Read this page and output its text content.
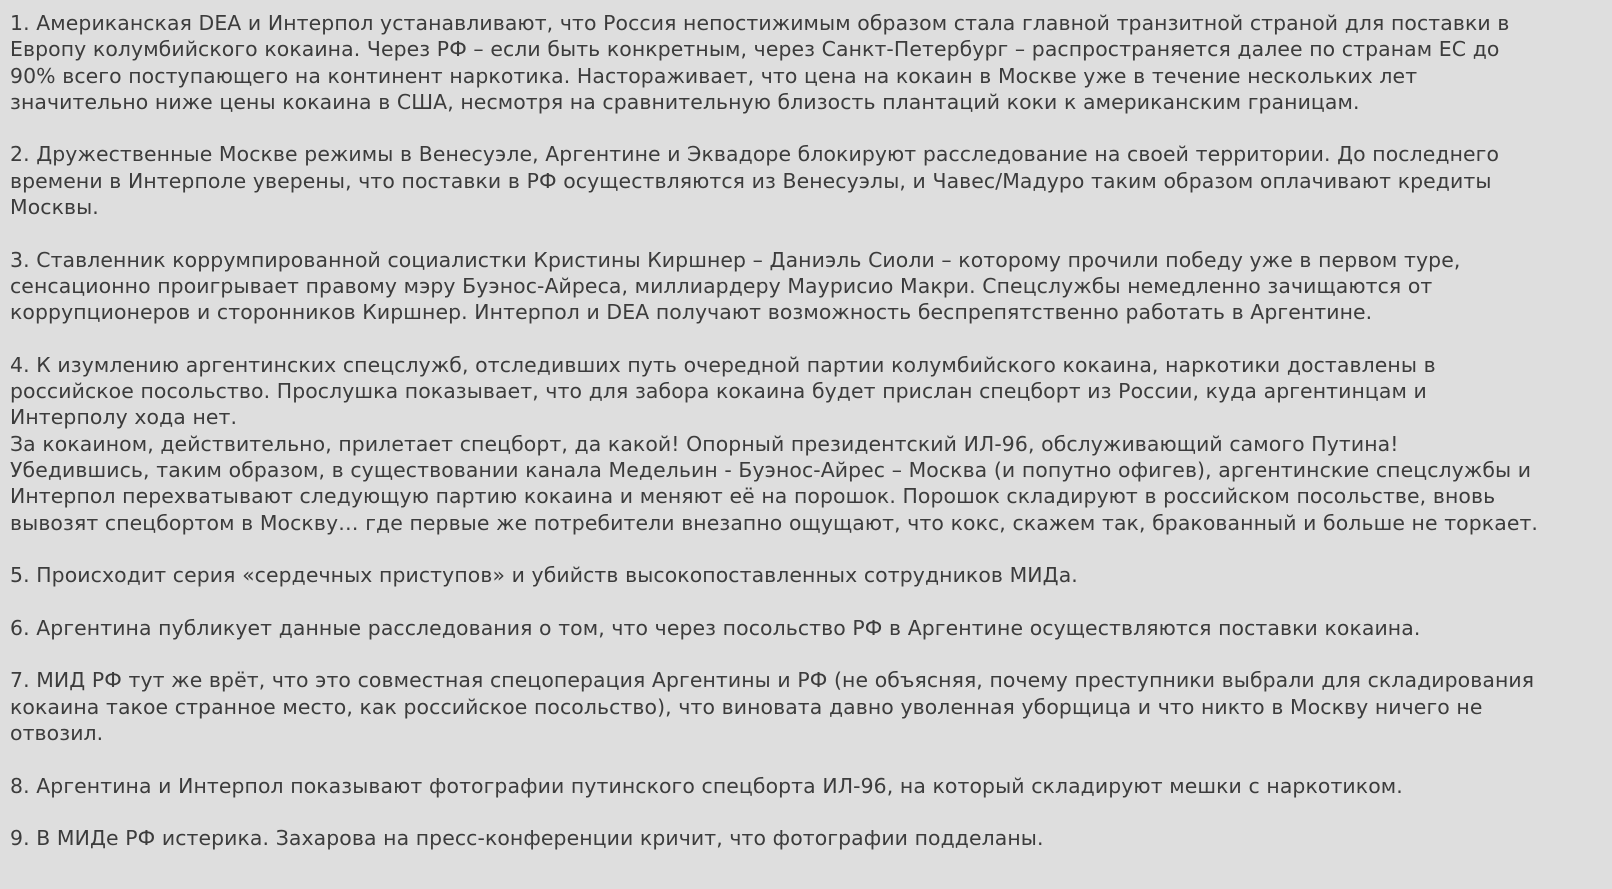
1. Американская DEA и Интерпол устанавливают, что Россия непостижимым образом стала главной транзитной страной для поставки в
Европу колумбийского кокаина. Через РФ – если быть конкретным, через Санкт-Петербург – распространяется далее по странам ЕС до
90% всего поступающего на континент наркотика. Настораживает, что цена на кокаин в Москве уже в течение нескольких лет
значительно ниже цены кокаина в США, несмотря на сравнительную близость плантаций коки к американским границам.

2. Дружественные Москве режимы в Венесуэле, Аргентине и Эквадоре блокируют расследование на своей территории. До последнего
времени в Интерполе уверены, что поставки в РФ осуществляются из Венесуэлы, и Чавес/Мадуро таким образом оплачивают кредиты
Москвы.

3. Ставленник коррумпированной социалистки Кристины Киршнер – Даниэль Сиоли – которому прочили победу уже в первом туре,
сенсационно проигрывает правому мэру Буэнос-Айреса, миллиардеру Маурисио Макри. Спецслужбы немедленно зачищаются от
коррупционеров и сторонников Киршнер. Интерпол и DEA получают возможность беспрепятственно работать в Аргентине.

4. К изумлению аргентинских спецслужб, отследивших путь очередной партии колумбийского кокаина, наркотики доставлены в
российское посольство. Прослушка показывает, что для забора кокаина будет прислан спецборт из России, куда аргентинцам и
Интерполу хода нет.
За кокаином, действительно, прилетает спецборт, да какой! Опорный президентский ИЛ-96, обслуживающий самого Путина!
Убедившись, таким образом, в существовании канала Медельин - Буэнос-Айрес – Москва (и попутно офигев), аргентинские спецслужбы и
Интерпол перехватывают следующую партию кокаина и меняют её на порошок. Порошок складируют в российском посольстве, вновь
вывозят спецбортом в Москву… где первые же потребители внезапно ощущают, что кокс, скажем так, бракованный и больше не торкает.

5. Происходит серия «сердечных приступов» и убийств высокопоставленных сотрудников МИДа.

6. Аргентина публикует данные расследования о том, что через посольство РФ в Аргентине осуществляются поставки кокаина.

7. МИД РФ тут же врёт, что это совместная спецоперация Аргентины и РФ (не объясняя, почему преступники выбрали для складирования
кокаина такое странное место, как российское посольство), что виновата давно уволенная уборщица и что никто в Москву ничего не
отвозил.

8. Аргентина и Интерпол показывают фотографии путинского спецборта ИЛ-96, на который складируют мешки с наркотиком.

9. В МИДе РФ истерика. Захарова на пресс-конференции кричит, что фотографии подделаны.
